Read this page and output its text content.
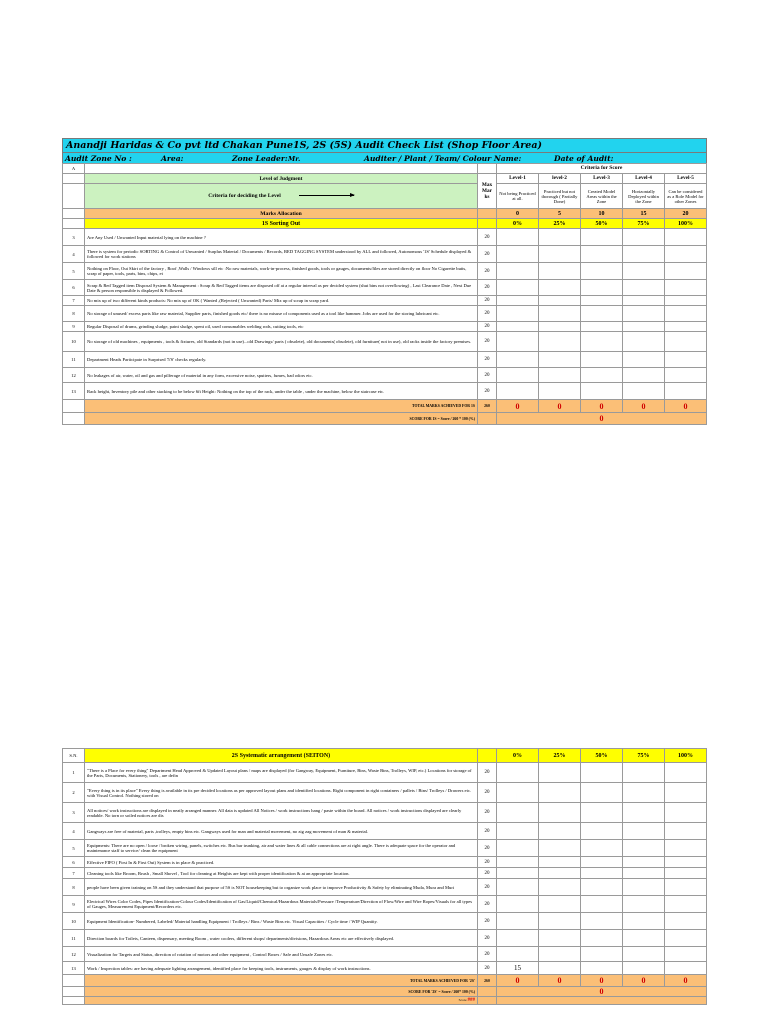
Anandji Haridas & Co pvt ltd Chakan Pune1S, 2S (5S) Audit Check List (Shop Floor Area)
Audit Zone No :	Area:	Zone Leader:Mr.	Auditer / Plant / Team/ Colour Name:	Date of Audit:
A			Criteria for Score				
	Level of Judgment	Max Mar ks	Level-1	level-2	Level-3	Level-4	Level-5
	Criteria for deciding the Level		Not being Practiced at all.	Practiced but not thorough ( Partially Done)	Created Model Areas within the Zone	Horizontally Deployed within the Zone	Can be considered as a Role Model for other Zones
	Marks Allocation		0	5	10	15	20
	1S Sorting Out		0%	25%	50%	75%	100%
3	Are Any Used / Unwanted Input material lying on the machine ?	20					
4	There is system for periodic SORTING & Control of Unwanted / Surplus Material / Documents / Records, RED TAGGING SYSTEM understood by ALL and followed, Autonomous '1S' Schedule displayed & followed for work stations	20					
5	Nothing on Floor, Out Skirt of the factory , Roof ,Walls / Windows sill etc :No raw materials, work-in-process, finished goods, tools or gauges, documents/files are stored directly on floor No Cigarette butts, scrap of paper, tools, parts, bins, chips, et	20					
6	Scrap & Red Tagged item Disposal System & Management : Scrap & Red Tagged items are disposed off at a regular interval as per decided system (shut bins not overflowing) , Last Clearance Date , Next Due Date & person responsible is displayed & Followed.	20					
7	No mix up of two different kinds products: No mix up of OK ( Wanted ,(Rejected ( Unwanted) Parts/ Mix up of scrap in scrap yard.	20					
8	No storage of unused/ excess parts like raw material, Supplier parts, finished goods etc/ there is no misuse of components used as a tool like hammer. Jobs are used for the storing lubricant etc.	20					
9	Regular Disposal of drums, grinding sludge, paint sludge, spent oil, used consumables welding rods, cutting tools, etc	20					
10	No storage of old machines , equipments , tools & fixtures, old Standards (not in use)...old Drawings/ parts ( obsolete), old documents( obsolete), old furniture( not in use), old racks inside the factory premises.	20					
11	Department Heads Participate in Surprised '5'S' checks regularly.	20					
12	No leakages of air, water, oil and gas and pilferage of material in any form, excessive noise, sputters, fumes, bad odors etc.	20					
13	Rack height, Inventory pile and other stacking to be below 6ft Height: Nothing on the top of the rack, under the table , under the machine, below the staircase etc.	20					
	TOTAL MARKS ACHIEVED FOR 1S	260	0	0	0	0	0
	SCORE FOR 1S = Score / 260 * 100 (%)		0				
S.N.	2S Systematic arrangement (SEITON)		0%	25%	50%	75%	100%
1	"There is a Place for every thing" Department Head Approved & Updated Layout plans / maps are displayed (for Gangway, Equipment, Furniture, Bins, Waste Bins, Trolleys, WIP, etc.) Locations for storage of the Parts, Documents, Stationery, tools , are defin	20					
2	"Every thing is in its place" Every thing is available in its pre decided locations as per approved layout plans and identified locations. Right component in right containers / pallets / Bins/ Trolleys / Drawers etc. with Visual Control. Nothing stored on	20					
3	All notices/ work instructions are displayed in neatly arranged manner. All data is updated All Notices / work instructions hang / paste within the board. All notices / work instructions displayed are clearly readable. No torn or soiled notices are dis	20					
4	Gangways are free of material, parts ,trolleys, empty bins etc. Gangways used for man and material movement, no zig zag movement of man & material.	20					
5	Equipments: There are no open / loose / broken wiring, panels, switches etc. Bus bar trunking, air and water lines & all cable connections are at right angle. There is adequate space for the operator and maintenance staff to service/ clean the equipment	20					
6	Effective FIFO ( First In & First Out) System is in place & practiced.	20					
7	Cleaning tools like Broom, Brush , Small Shovel , Tool for cleaning at Heights are kept with proper identification & at an appropriate location.	20					
8	people have been given training on 5S and they understand that purpose of 5S is NOT housekeeping but to organize work place to improve Productivity & Safety by eliminating Muda, Mura and Muri	20					
9	Electrical Wires Color Codes, Pipes Identification-Colour Codes/Identification of Gas/Liquid/Chemical/Hazardous Materials/Pressure /Temperature/Direction of Flow/Wire and Wire Ropes/Visuals for all types of Gauges, Measurement Equipment/Recorders etc.	20					
10	Equipment Identification- Numbered, Labeled/ Material handling Equipment / Trolleys / Bins / Waste Bins etc. Visual Capacities / Cycle time / WIP Quantity.	20					
11	Direction boards for Toilets, Canteen, dispensary, meeting Room , water coolers, different shops/ departments/divisions, Hazardous Areas etc are effectively displayed.	20					
12	Visualization for Targets and Status, direction of rotation of motors and other equipment , Control Boxes / Safe and Unsafe Zones etc.	20					
13	Work / Inspection tables: are having adequate lighting arrangement, identified place for keeping tools, instruments, gauges & display of work instructions.	20	15				
	TOTAL MARKS ACHIEVED FOR '2S'	260	0	0	0	0	0
	SCORE FOR '2S' = Score / 260* 100 (%)		0				
	Score ###						
